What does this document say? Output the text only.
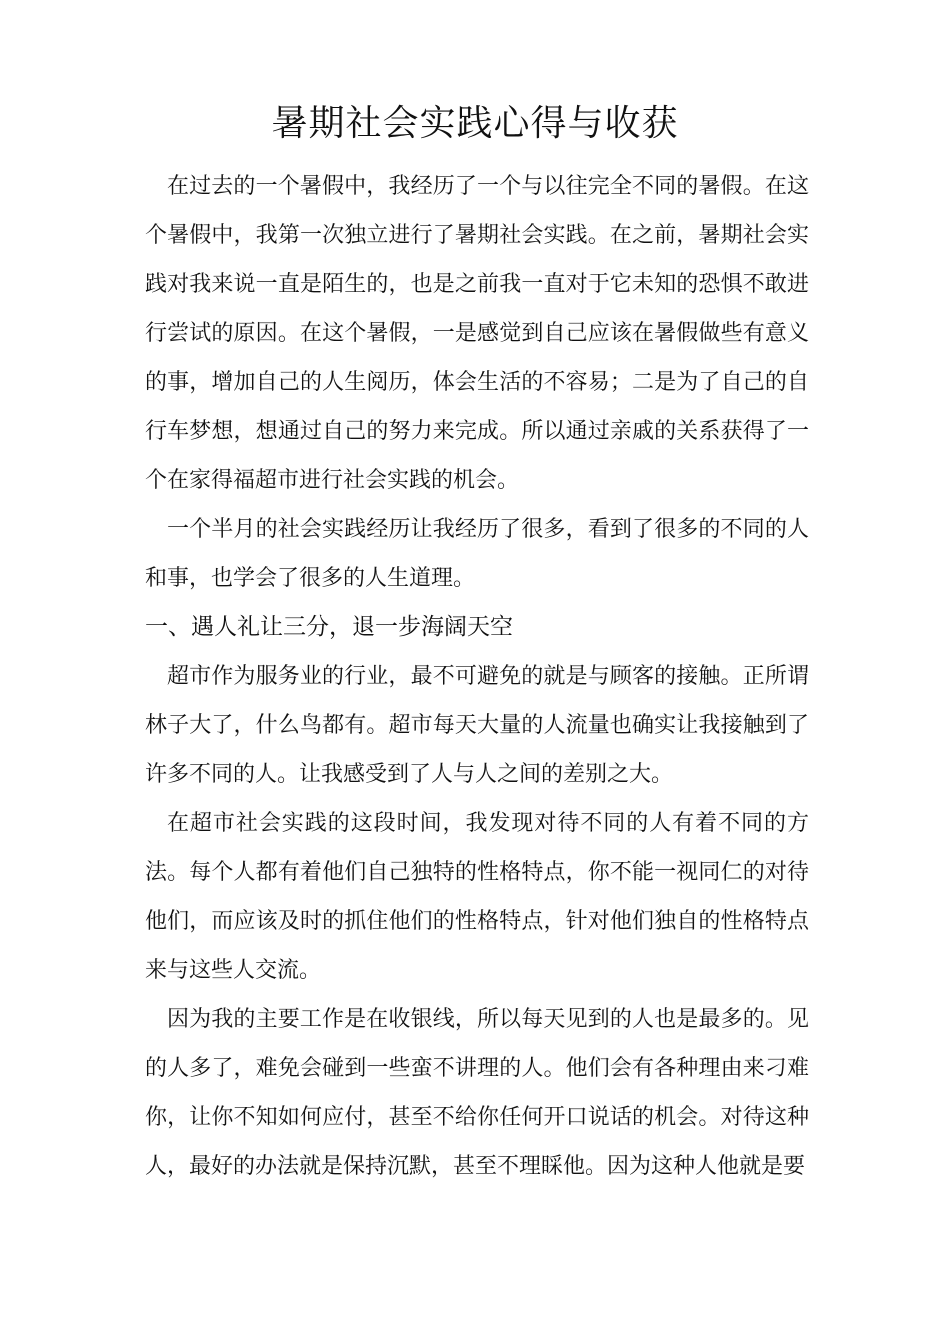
暑期社会实践心得与收获

在过去的一个暑假中，我经历了一个与以往完全不同的暑假。在这个暑假中，我第一次独立进行了暑期社会实践。在之前，暑期社会实践对我来说一直是陌生的，也是之前我一直对于它未知的恐惧不敢进行尝试的原因。在这个暑假，一是感觉到自己应该在暑假做些有意义的事，增加自己的人生阅历，体会生活的不容易；二是为了自己的自行车梦想，想通过自己的努力来完成。所以通过亲戚的关系获得了一个在家得福超市进行社会实践的机会。

一个半月的社会实践经历让我经历了很多，看到了很多的不同的人和事，也学会了很多的人生道理。

一、遇人礼让三分，退一步海阔天空

超市作为服务业的行业，最不可避免的就是与顾客的接触。正所谓林子大了，什么鸟都有。超市每天大量的人流量也确实让我接触到了许多不同的人。让我感受到了人与人之间的差别之大。

在超市社会实践的这段时间，我发现对待不同的人有着不同的方法。每个人都有着他们自己独特的性格特点，你不能一视同仁的对待他们，而应该及时的抓住他们的性格特点，针对他们独自的性格特点来与这些人交流。

因为我的主要工作是在收银线，所以每天见到的人也是最多的。见的人多了，难免会碰到一些蛮不讲理的人。他们会有各种理由来刁难你，让你不知如何应付，甚至不给你任何开口说话的机会。对待这种人，最好的办法就是保持沉默，甚至不理睬他。因为这种人他就是要
